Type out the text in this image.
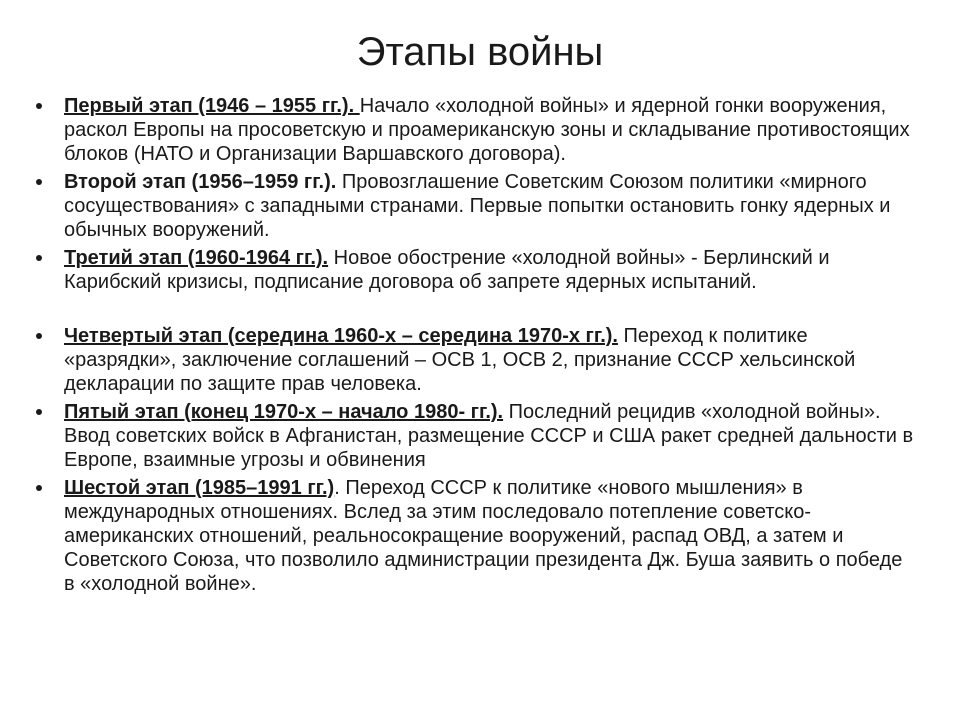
Этапы войны
Первый этап (1946 – 1955 гг.). Начало «холодной войны» и ядерной гонки вооружения, раскол Европы на просоветскую и проамериканскую зоны и складывание противостоящих блоков (НАТО и Организации Варшавского договора).
Второй этап (1956–1959 гг.). Провозглашение Советским Союзом политики «мирного сосуществования» с западными странами. Первые попытки остановить гонку ядерных и обычных вооружений.
Третий этап (1960-1964 гг.). Новое обострение «холодной войны» - Берлинский и Карибский кризисы, подписание договора об запрете ядерных испытаний.
Четвертый этап (середина 1960-х – середина 1970-х гг.). Переход к политике «разрядки», заключение соглашений – ОСВ 1, ОСВ 2, признание СССР хельсинской декларации по защите прав человека.
Пятый этап (конец 1970-х – начало 1980- гг.). Последний рецидив «холодной войны». Ввод советских войск в Афганистан, размещение СССР и США ракет средней дальности в Европе, взаимные угрозы и обвинения
Шестой этап (1985–1991 гг.). Переход СССР к политике «нового мышления» в международных отношениях. Вслед за этим последовало потепление советско-американских отношений, реальносокращение вооружений, распад ОВД, а затем и Советского Союза, что позволило администрации президента Дж. Буша заявить о победе в «холодной войне».
